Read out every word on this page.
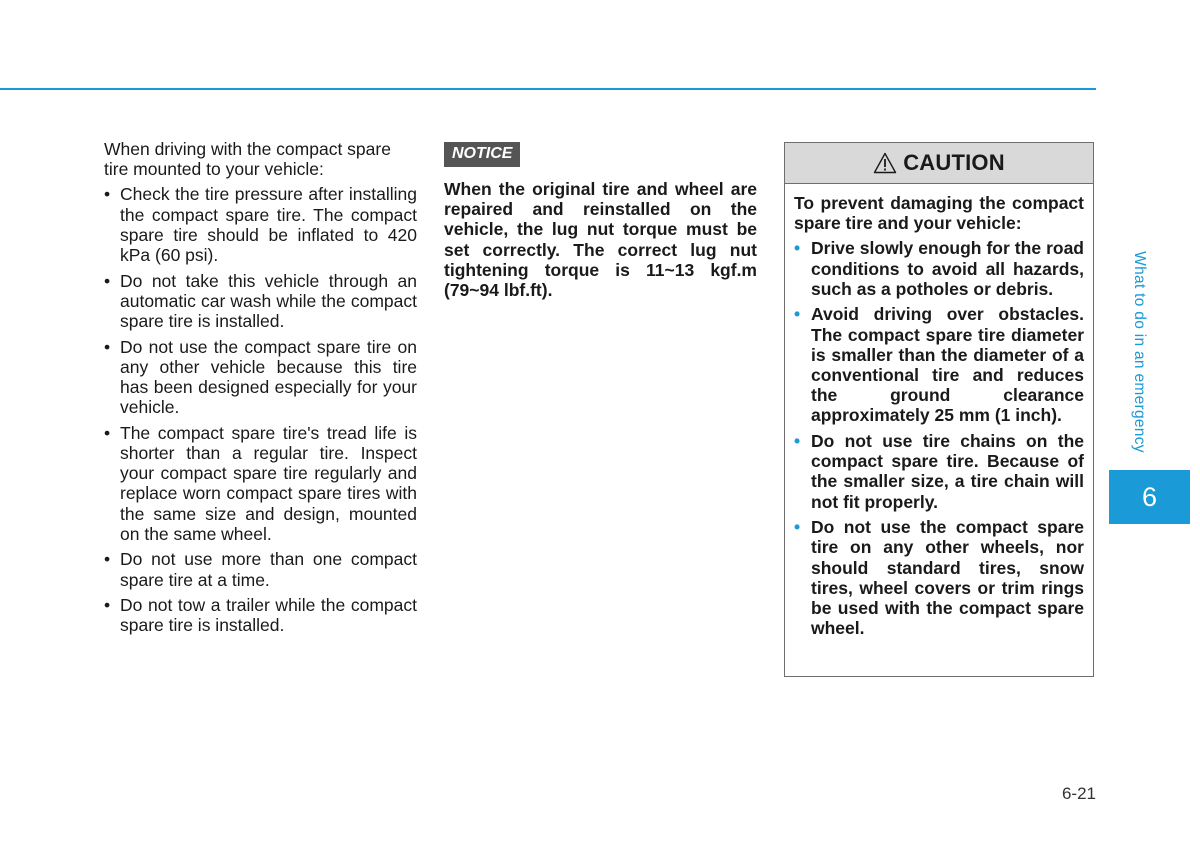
When driving with the compact spare tire mounted to your vehicle:

• Check the tire pressure after installing the compact spare tire. The compact spare tire should be inflated to 420 kPa (60 psi).
• Do not take this vehicle through an automatic car wash while the compact spare tire is installed.
• Do not use the compact spare tire on any other vehicle because this tire has been designed especially for your vehicle.
• The compact spare tire's tread life is shorter than a regular tire. Inspect your compact spare tire regularly and replace worn compact spare tires with the same size and design, mounted on the same wheel.
• Do not use more than one compact spare tire at a time.
• Do not tow a trailer while the compact spare tire is installed.
NOTICE

When the original tire and wheel are repaired and reinstalled on the vehicle, the lug nut torque must be set correctly. The correct lug nut tightening torque is 11~13 kgf.m (79~94 lbf.ft).

CAUTION

To prevent damaging the compact spare tire and your vehicle:

• Drive slowly enough for the road conditions to avoid all hazards, such as a potholes or debris.
• Avoid driving over obstacles. The compact spare tire diameter is smaller than the diameter of a conventional tire and reduces the ground clearance approximately 25 mm (1 inch).
• Do not use tire chains on the compact spare tire. Because of the smaller size, a tire chain will not fit properly.
• Do not use the compact spare tire on any other wheels, nor should standard tires, snow tires, wheel covers or trim rings be used with the compact spare wheel.
What to do in an emergency
6
6-21
